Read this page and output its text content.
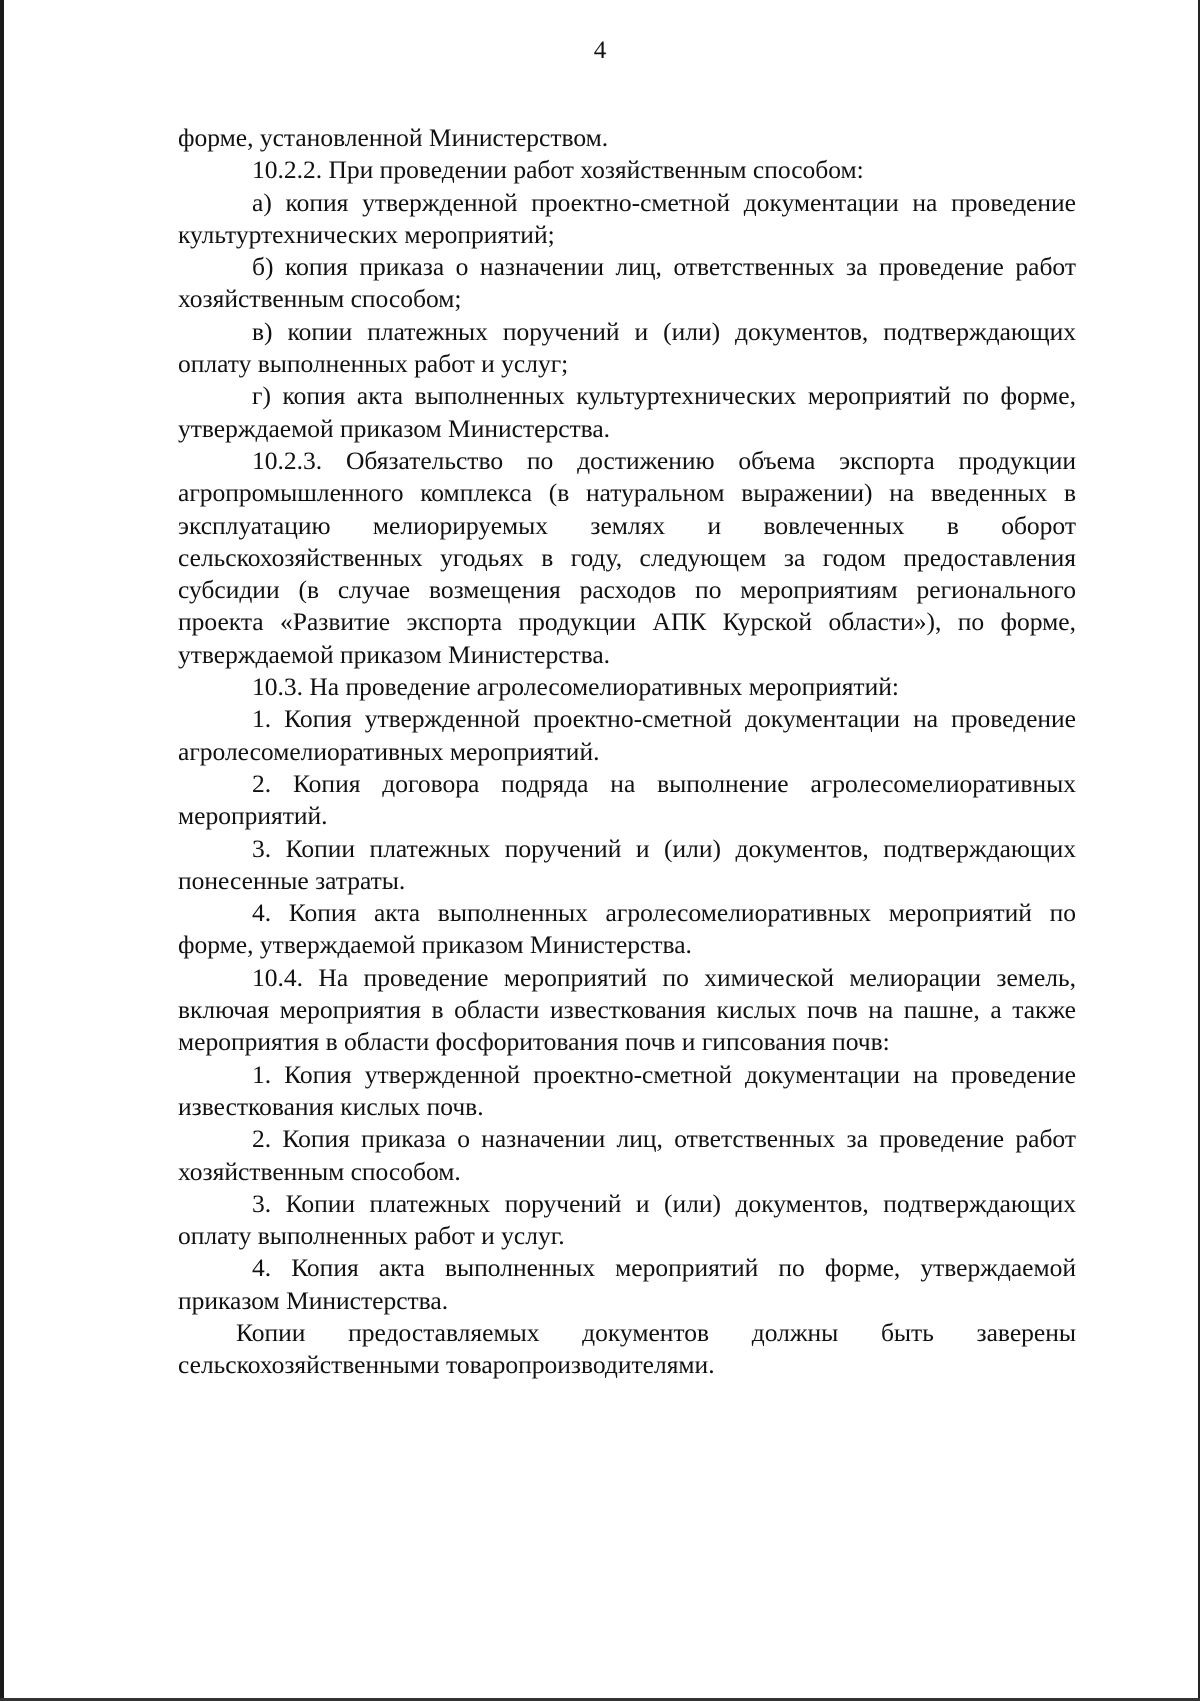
4

форме, установленной Министерством.

10.2.2. При проведении работ хозяйственным способом:

а) копия утвержденной проектно-сметной документации на проведение культуртехнических мероприятий;

б) копия приказа о назначении лиц, ответственных за проведение работ хозяйственным способом;

в) копии платежных поручений и (или) документов, подтверждающих оплату выполненных работ и услуг;

г) копия акта выполненных культуртехнических мероприятий по форме, утверждаемой приказом Министерства.

10.2.3. Обязательство по достижению объема экспорта продукции агропромышленного комплекса (в натуральном выражении) на введенных в эксплуатацию мелиорируемых землях и вовлеченных в оборот сельскохозяйственных угодьях в году, следующем за годом предоставления субсидии (в случае возмещения расходов по мероприятиям регионального проекта «Развитие экспорта продукции АПК Курской области»), по форме, утверждаемой приказом Министерства.

10.3. На проведение агролесомелиоративных мероприятий:

1. Копия утвержденной проектно-сметной документации на проведение агролесомелиоративных мероприятий.

2. Копия договора подряда на выполнение агролесомелиоративных мероприятий.

3. Копии платежных поручений и (или) документов, подтверждающих понесенные затраты.

4. Копия акта выполненных агролесомелиоративных мероприятий по форме, утверждаемой приказом Министерства.

10.4. На проведение мероприятий по химической мелиорации земель, включая мероприятия в области известкования кислых почв на пашне, а также мероприятия в области фосфоритования почв и гипсования почв:

1. Копия утвержденной проектно-сметной документации на проведение известкования кислых почв.

2. Копия приказа о назначении лиц, ответственных за проведение работ хозяйственным способом.

3. Копии платежных поручений и (или) документов, подтверждающих оплату выполненных работ и услуг.

4. Копия акта выполненных мероприятий по форме, утверждаемой приказом Министерства.

Копии предоставляемых документов должны быть заверены сельскохозяйственными товаропроизводителями.
